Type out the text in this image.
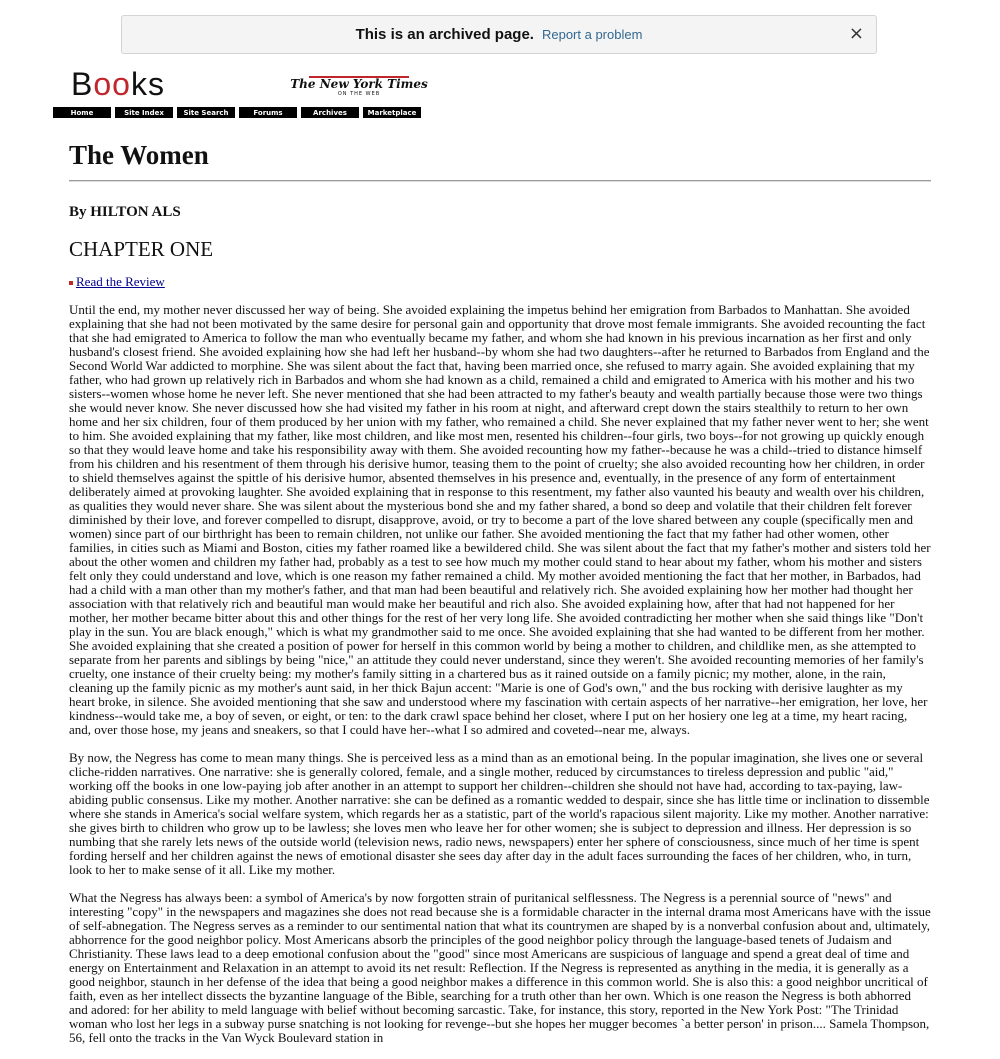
This is an archived page. Report a problem	×
Books	The New York Times
ON THE WEB
Home	Site Index	Site Search	Forums	Archives	Marketplace
The Women
By HILTON ALS
CHAPTER ONE
Read the Review

Until the end, my mother never discussed her way of being. She avoided explaining the impetus behind her emigration from Barbados to Manhattan. She avoided explaining that she had not been motivated by the same desire for personal gain and opportunity that drove most female immigrants. She avoided recounting the fact that she had emigrated to America to follow the man who eventually became my father, and whom she had known in his previous incarnation as her first and only husband's closest friend. She avoided explaining how she had left her husband--by whom she had two daughters--after he returned to Barbados from England and the Second World War addicted to morphine. She was silent about the fact that, having been married once, she refused to marry again. She avoided explaining that my father, who had grown up relatively rich in Barbados and whom she had known as a child, remained a child and emigrated to America with his mother and his two sisters--women whose home he never left. She never mentioned that she had been attracted to my father's beauty and wealth partially because those were two things she would never know. She never discussed how she had visited my father in his room at night, and afterward crept down the stairs stealthily to return to her own home and her six children, four of them produced by her union with my father, who remained a child. She never explained that my father never went to her; she went to him. She avoided explaining that my father, like most children, and like most men, resented his children--four girls, two boys--for not growing up quickly enough so that they would leave home and take his responsibility away with them. She avoided recounting how my father--because he was a child--tried to distance himself from his children and his resentment of them through his derisive humor, teasing them to the point of cruelty; she also avoided recounting how her children, in order to shield themselves against the spittle of his derisive humor, absented themselves in his presence and, eventually, in the presence of any form of entertainment deliberately aimed at provoking laughter. She avoided explaining that in response to this resentment, my father also vaunted his beauty and wealth over his children, as qualities they would never share. She was silent about the mysterious bond she and my father shared, a bond so deep and volatile that their children felt forever diminished by their love, and forever compelled to disrupt, disapprove, avoid, or try to become a part of the love shared between any couple (specifically men and women) since part of our birthright has been to remain children, not unlike our father. She avoided mentioning the fact that my father had other women, other families, in cities such as Miami and Boston, cities my father roamed like a bewildered child. She was silent about the fact that my father's mother and sisters told her about the other women and children my father had, probably as a test to see how much my mother could stand to hear about my father, whom his mother and sisters felt only they could understand and love, which is one reason my father remained a child. My mother avoided mentioning the fact that her mother, in Barbados, had had a child with a man other than my mother's father, and that man had been beautiful and relatively rich. She avoided explaining how her mother had thought her association with that relatively rich and beautiful man would make her beautiful and rich also. She avoided explaining how, after that had not happened for her mother, her mother became bitter about this and other things for the rest of her very long life. She avoided contradicting her mother when she said things like "Don't play in the sun. You are black enough," which is what my grandmother said to me once. She avoided explaining that she had wanted to be different from her mother. She avoided explaining that she created a position of power for herself in this common world by being a mother to children, and childlike men, as she attempted to separate from her parents and siblings by being "nice," an attitude they could never understand, since they weren't. She avoided recounting memories of her family's cruelty, one instance of their cruelty being: my mother's family sitting in a chartered bus as it rained outside on a family picnic; my mother, alone, in the rain, cleaning up the family picnic as my mother's aunt said, in her thick Bajun accent: "Marie is one of God's own," and the bus rocking with derisive laughter as my heart broke, in silence. She avoided mentioning that she saw and understood where my fascination with certain aspects of her narrative--her emigration, her love, her kindness--would take me, a boy of seven, or eight, or ten: to the dark crawl space behind her closet, where I put on her hosiery one leg at a time, my heart racing, and, over those hose, my jeans and sneakers, so that I could have her--what I so admired and coveted--near me, always.

By now, the Negress has come to mean many things. She is perceived less as a mind than as an emotional being. In the popular imagination, she lives one or several cliche-ridden narratives. One narrative: she is generally colored, female, and a single mother, reduced by circumstances to tireless depression and public "aid," working off the books in one low-paying job after another in an attempt to support her children--children she should not have had, according to tax-paying, law-abiding public consensus. Like my mother. Another narrative: she can be defined as a romantic wedded to despair, since she has little time or inclination to dissemble where she stands in America's social welfare system, which regards her as a statistic, part of the world's rapacious silent majority. Like my mother. Another narrative: she gives birth to children who grow up to be lawless; she loves men who leave her for other women; she is subject to depression and illness. Her depression is so numbing that she rarely lets news of the outside world (television news, radio news, newspapers) enter her sphere of consciousness, since much of her time is spent fording herself and her children against the news of emotional disaster she sees day after day in the adult faces surrounding the faces of her children, who, in turn, look to her to make sense of it all. Like my mother.

What the Negress has always been: a symbol of America's by now forgotten strain of puritanical selflessness. The Negress is a perennial source of "news" and interesting "copy" in the newspapers and magazines she does not read because she is a formidable character in the internal drama most Americans have with the issue of self-abnegation. The Negress serves as a reminder to our sentimental nation that what its countrymen are shaped by is a nonverbal confusion about and, ultimately, abhorrence for the good neighbor policy. Most Americans absorb the principles of the good neighbor policy through the language-based tenets of Judaism and Christianity. These laws lead to a deep emotional confusion about the "good" since most Americans are suspicious of language and spend a great deal of time and energy on Entertainment and Relaxation in an attempt to avoid its net result: Reflection. If the Negress is represented as anything in the media, it is generally as a good neighbor, staunch in her defense of the idea that being a good neighbor makes a difference in this common world. She is also this: a good neighbor uncritical of faith, even as her intellect dissects the byzantine language of the Bible, searching for a truth other than her own. Which is one reason the Negress is both abhorred and adored: for her ability to meld language with belief without becoming sarcastic. Take, for instance, this story, reported in the New York Post: "The Trinidad woman who lost her legs in a subway purse snatching is not looking for revenge--but she hopes her mugger becomes `a better person' in prison.... Samela Thompson, 56, fell onto the tracks in the Van Wyck Boulevard station in
